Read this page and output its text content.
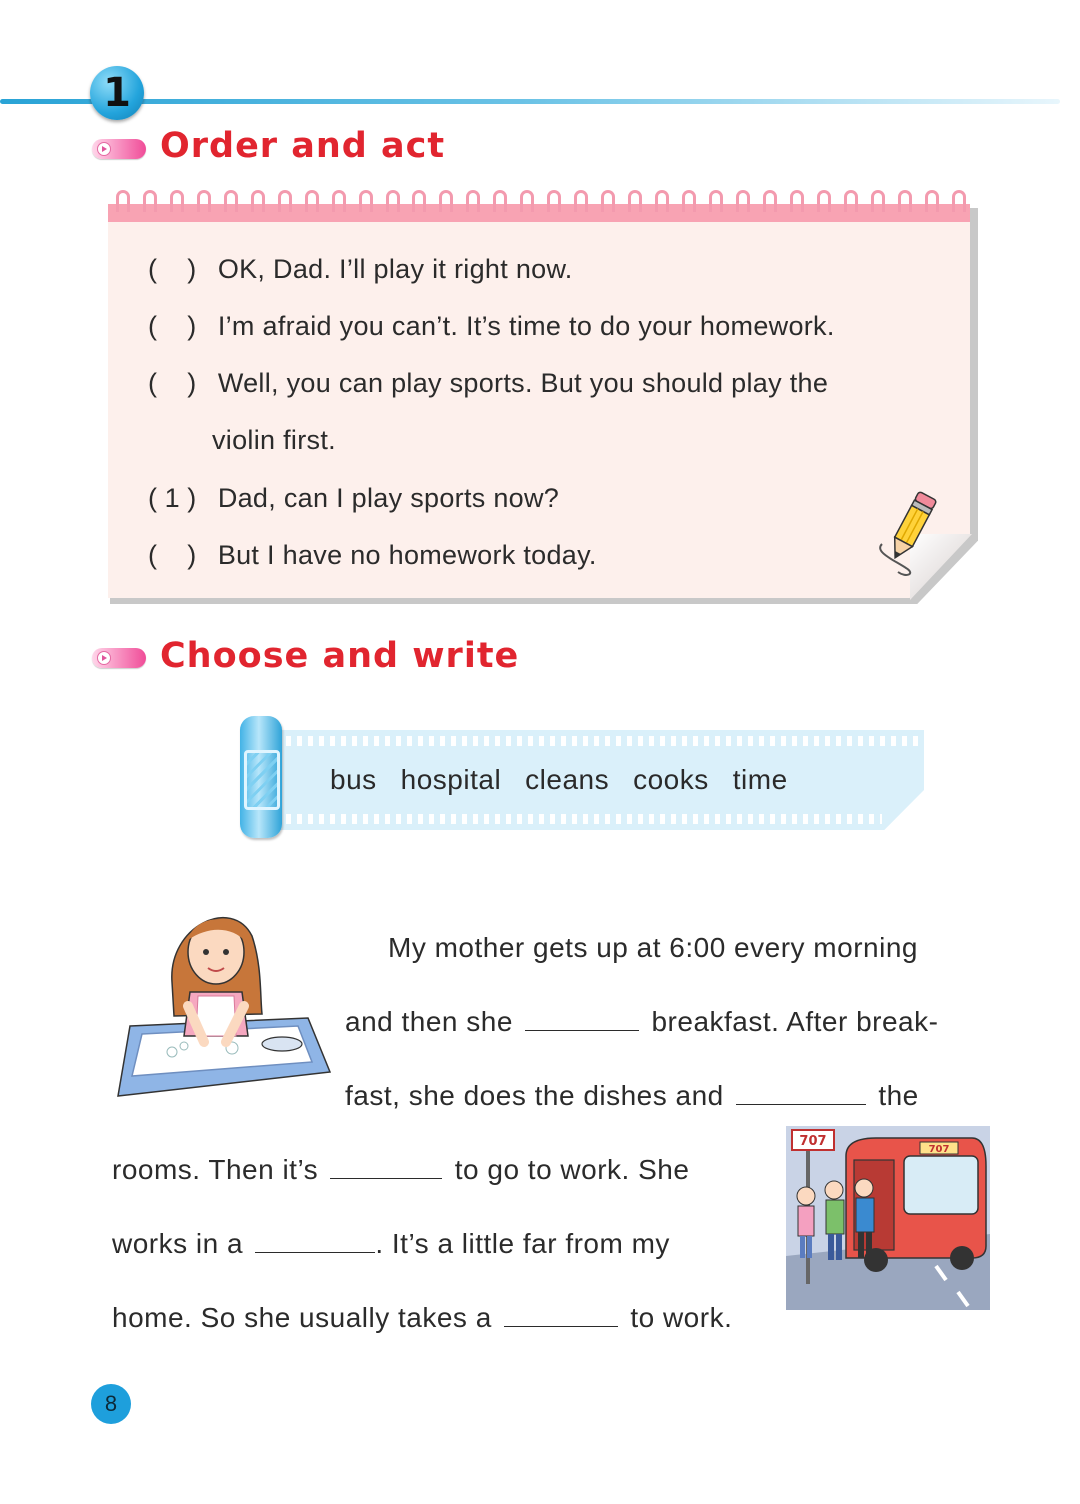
1
Order and act
( ) OK, Dad. I’ll play it right now.
( ) I’m afraid you can’t. It’s time to do your homework.
( ) Well, you can play sports. But you should play the
violin first.
( 1 ) Dad, can I play sports now?
( ) But I have no homework today.
Choose and write
bus hospital cleans cooks time
My mother gets up at 6:00 every morning
and then she	breakfast. After break-
fast, she does the dishes and	the
rooms. Then it’s	to go to work. She
works in a	. It’s a little far from my
home. So she usually takes a	to work.
707
707
8
